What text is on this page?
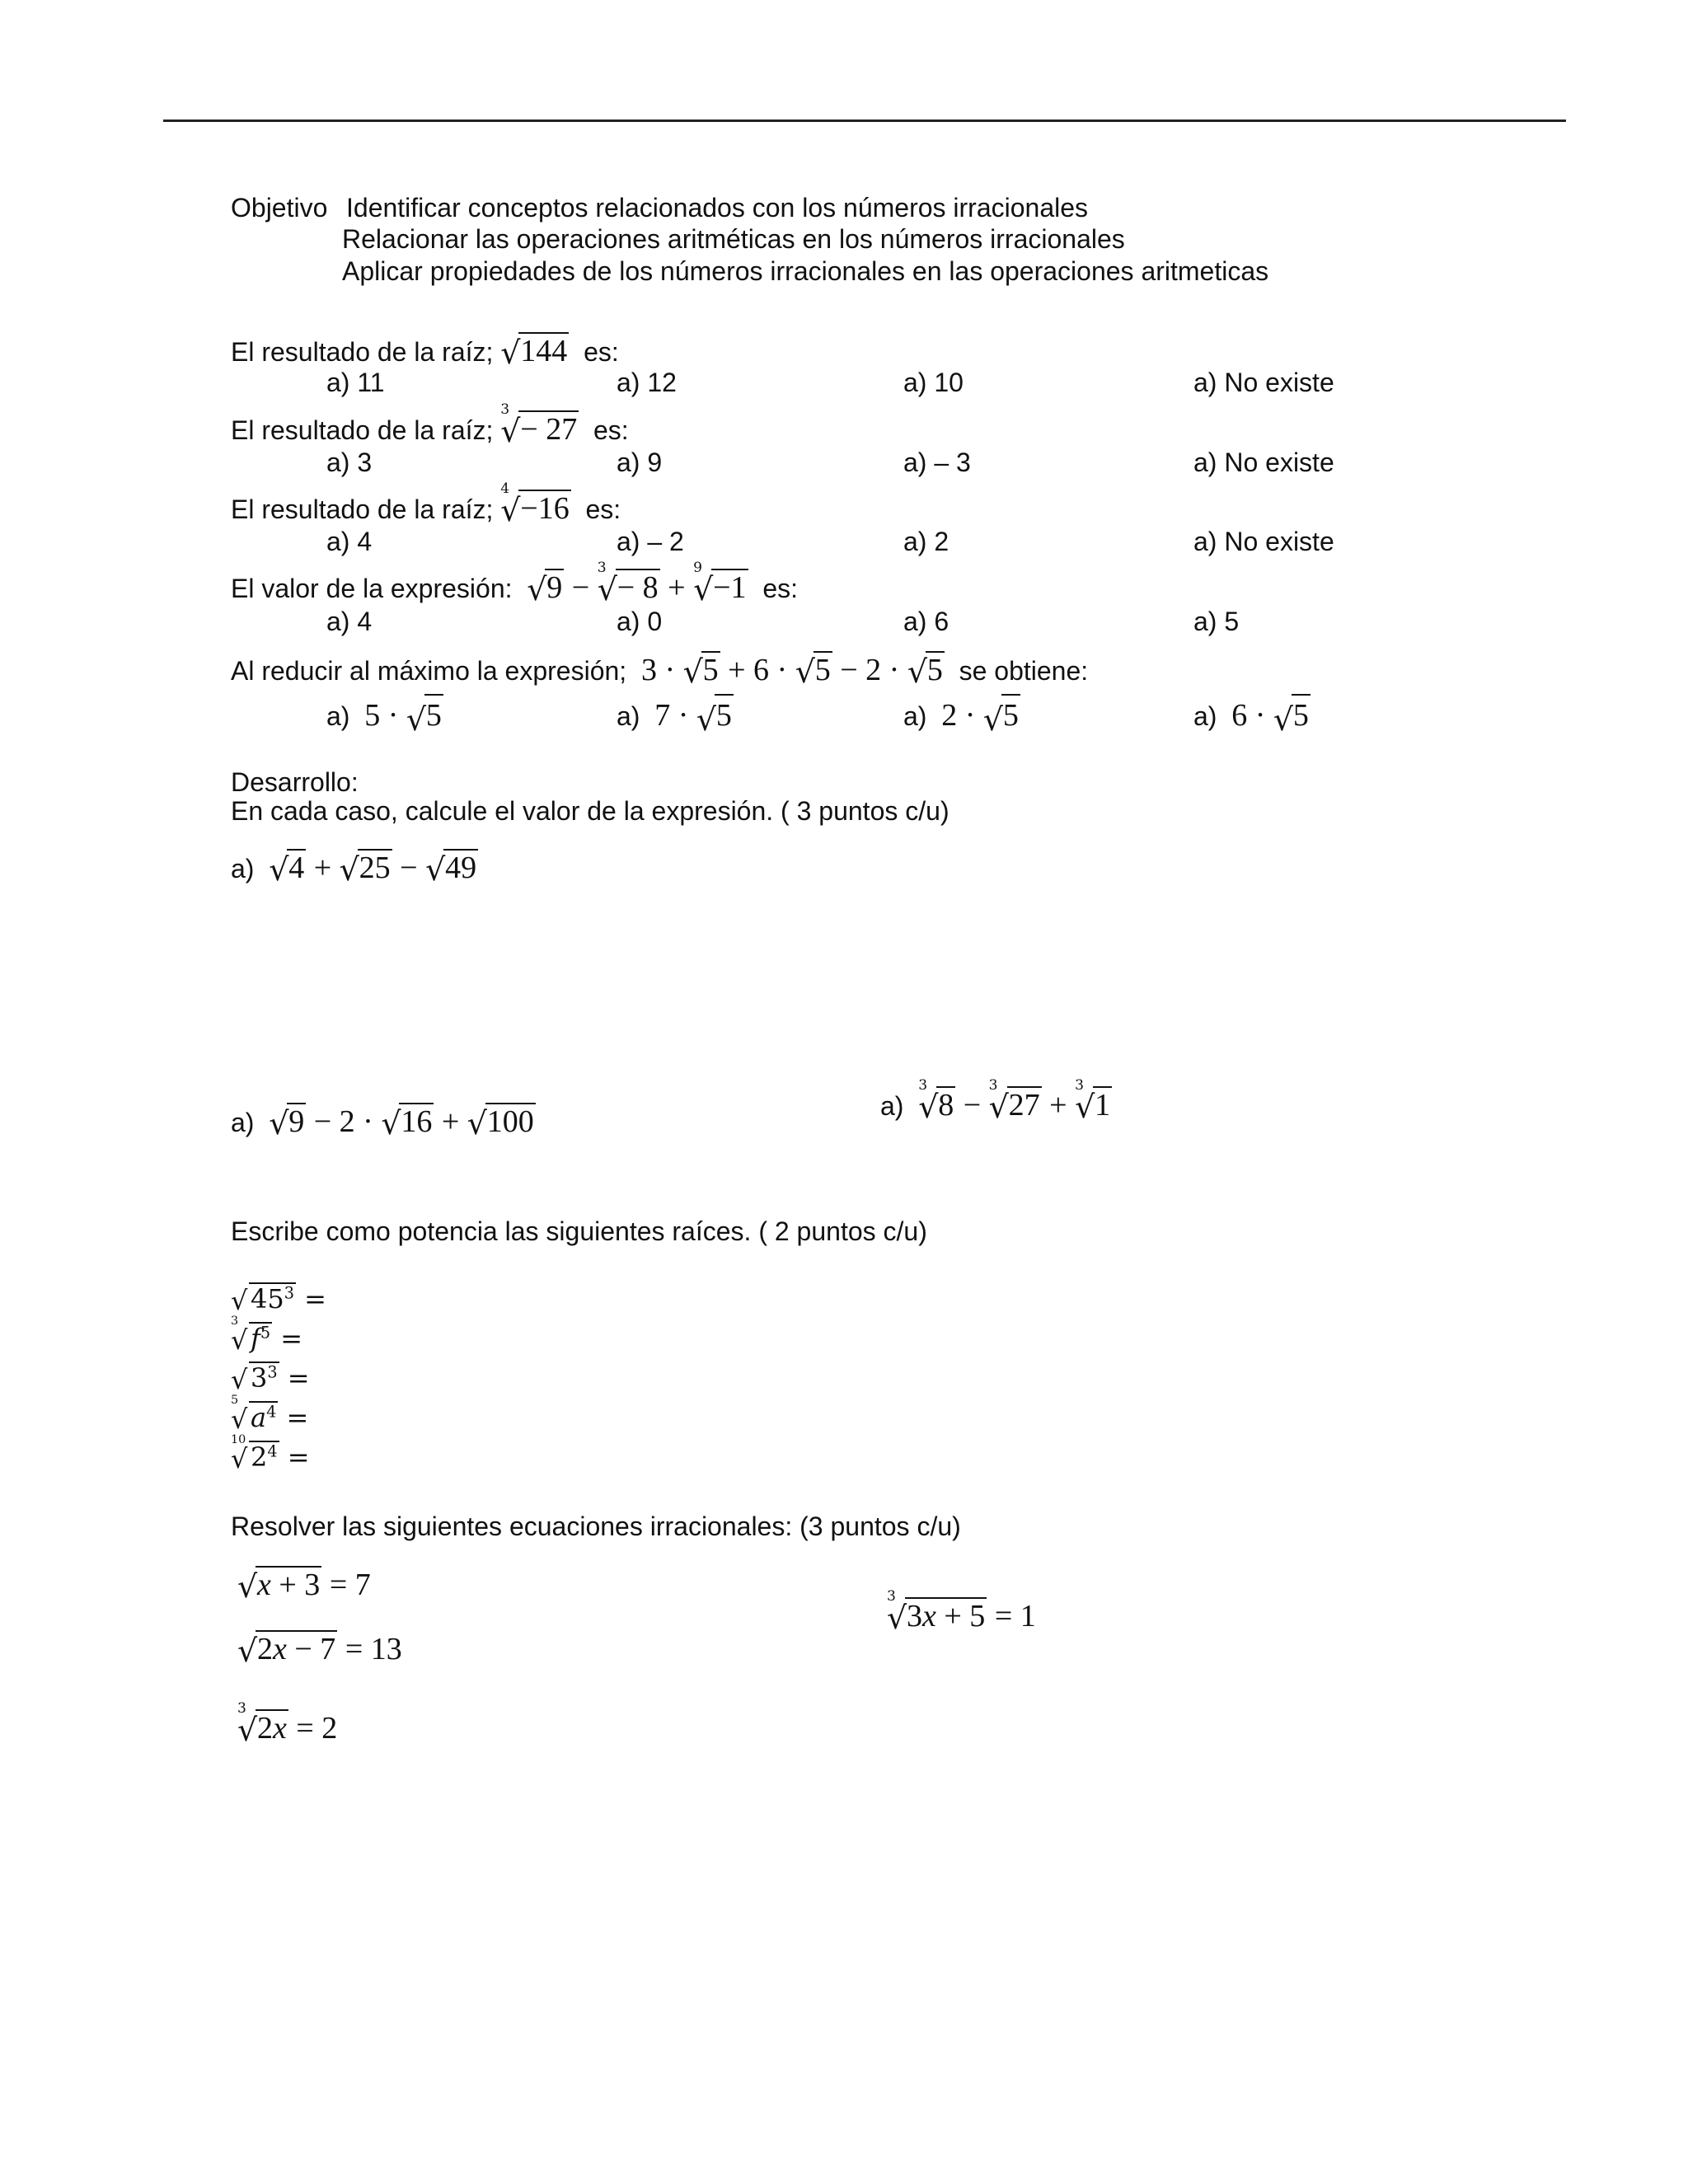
Objetivo Identificar conceptos relacionados con los números irracionales
Relacionar las operaciones aritméticas en los números irracionales
Aplicar propiedades de los números irracionales en las operaciones aritmeticas
El resultado de la raíz; √ 144 es:
a) 11	a) 12	a) 10	a) No existe
El resultado de la raíz;
3
√ − 27 es:
a) 3	a) 9	a) – 3	a) No existe
El resultado de la raíz;
4
√ −16 es:
a) 4	a) – 2	a) 2	a) No existe
El valor de la expresión: √ 9 −
3
√ − 8 +
9
√ −1 es:
a) 4	a) 0	a) 6	a) 5
Al reducir al máximo la expresión; 3 · √ 5 + 6 · √ 5 − 2 · √ 5 se obtiene:
a) 5 · √ 5	a) 7 · √ 5	a) 2 · √ 5	a) 6 · √ 5
Desarrollo:
En cada caso, calcule el valor de la expresión. ( 3 puntos c/u)
a) √ 4 + √ 25 − √ 49
a) √ 9 − 2 · √ 16 + √ 100	a)
3
√ 8 −
3
√ 27 +
3
√ 1
Escribe como potencia las siguientes raíces. ( 2 puntos c/u)
√ $45^3$ =
3
√ $f^5$ =
√ $3^3$ =
5
√ $a^4$ =
10
√ $2^4$ =
Resolver las siguientes ecuaciones irracionales: (3 puntos c/u)
√ x + 3 = 7
√ 2x − 7 = 13
3
√ 2x = 2
3
√ 3x + 5 = 1
